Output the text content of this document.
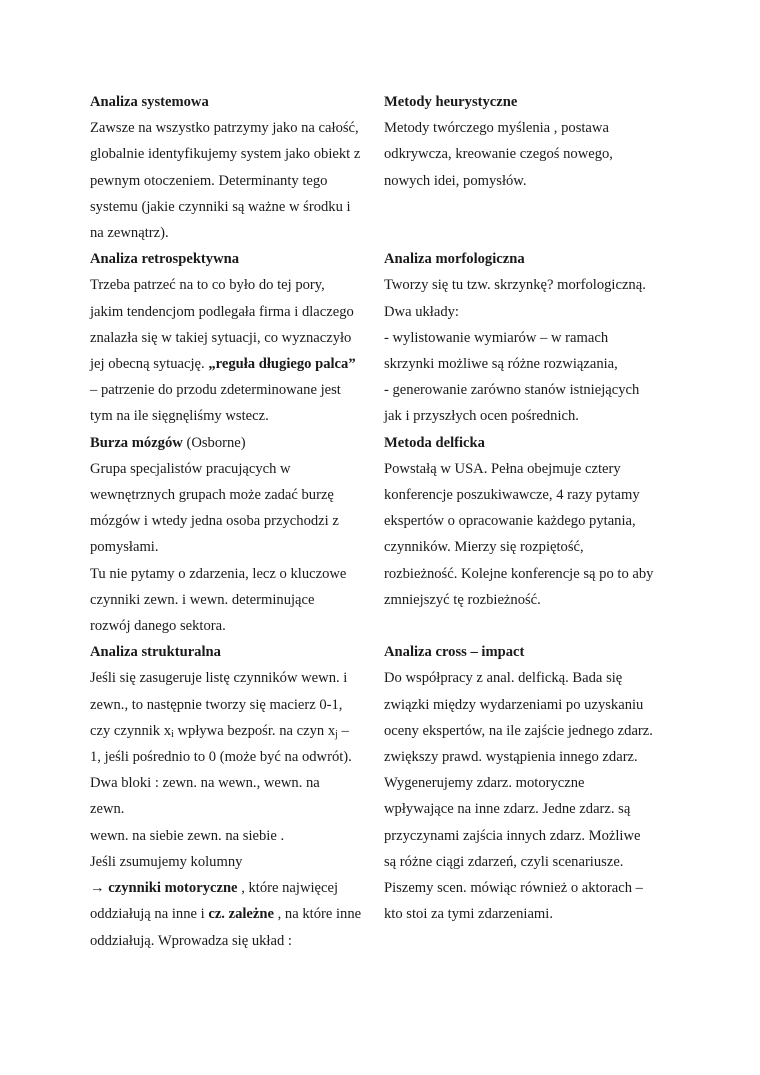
Analiza systemowa
Zawsze na wszystko patrzymy jako na całość,
globalnie identyfikujemy system jako obiekt z
pewnym otoczeniem. Determinanty tego
systemu (jakie czynniki są ważne w środku i
na zewnątrz).
Analiza retrospektywna
Trzeba patrzeć na to co było do tej pory,
jakim tendencjom podlegała firma i dlaczego
znalazła się w takiej sytuacji, co wyznaczyło
jej obecną sytuację. „reguła długiego palca”
– patrzenie do przodu zdeterminowane jest
tym na ile sięgnęliśmy wstecz.
Burza mózgów (Osborne)
Grupa specjalistów pracujących w
wewnętrznych grupach może zadać burzę
mózgów i wtedy jedna osoba przychodzi z
pomysłami.
Tu nie pytamy o zdarzenia, lecz o kluczowe
czynniki zewn. i wewn. determinujące
rozwój danego sektora.
Analiza strukturalna
Jeśli się zasugeruje listę czynników wewn. i
zewn., to następnie tworzy się macierz 0-1,
czy czynnik $x_i$ wpływa bezpośr. na czyn $x_j$ –
1, jeśli pośrednio to 0 (może być na odwrót).
Dwa bloki : zewn. na wewn., wewn. na
zewn.
wewn. na siebie zewn. na siebie .
Jeśli zsumujemy kolumny
→ czynniki motoryczne , które najwięcej
oddziałują na inne i cz. zależne , na które inne
oddziałują. Wprowadza się układ :
Metody heurystyczne
Metody twórczego myślenia , postawa
odkrywcza, kreowanie czegoś nowego,
nowych idei, pomysłów.
Analiza morfologiczna
Tworzy się tu tzw. skrzynkę? morfologiczną.
Dwa układy:
- wylistowanie wymiarów – w ramach
skrzynki możliwe są różne rozwiązania,
- generowanie zarówno stanów istniejących
jak i przyszłych ocen pośrednich.
Metoda delficka
Powstałą w USA. Pełna obejmuje cztery
konferencje poszukiwawcze, 4 razy pytamy
ekspertów o opracowanie każdego pytania,
czynników. Mierzy się rozpiętość,
rozbieżność. Kolejne konferencje są po to aby
zmniejszyć tę rozbieżność.
Analiza cross – impact
Do współpracy z anal. delficką. Bada się
związki między wydarzeniami po uzyskaniu
oceny ekspertów, na ile zajście jednego zdarz.
zwiększy prawd. wystąpienia innego zdarz.
Wygenerujemy zdarz. motoryczne
wpływające na inne zdarz. Jedne zdarz. są
przyczynami zajścia innych zdarz. Możliwe
są różne ciągi zdarzeń, czyli scenariusze.
Piszemy scen. mówiąc również o aktorach –
kto stoi za tymi zdarzeniami.
